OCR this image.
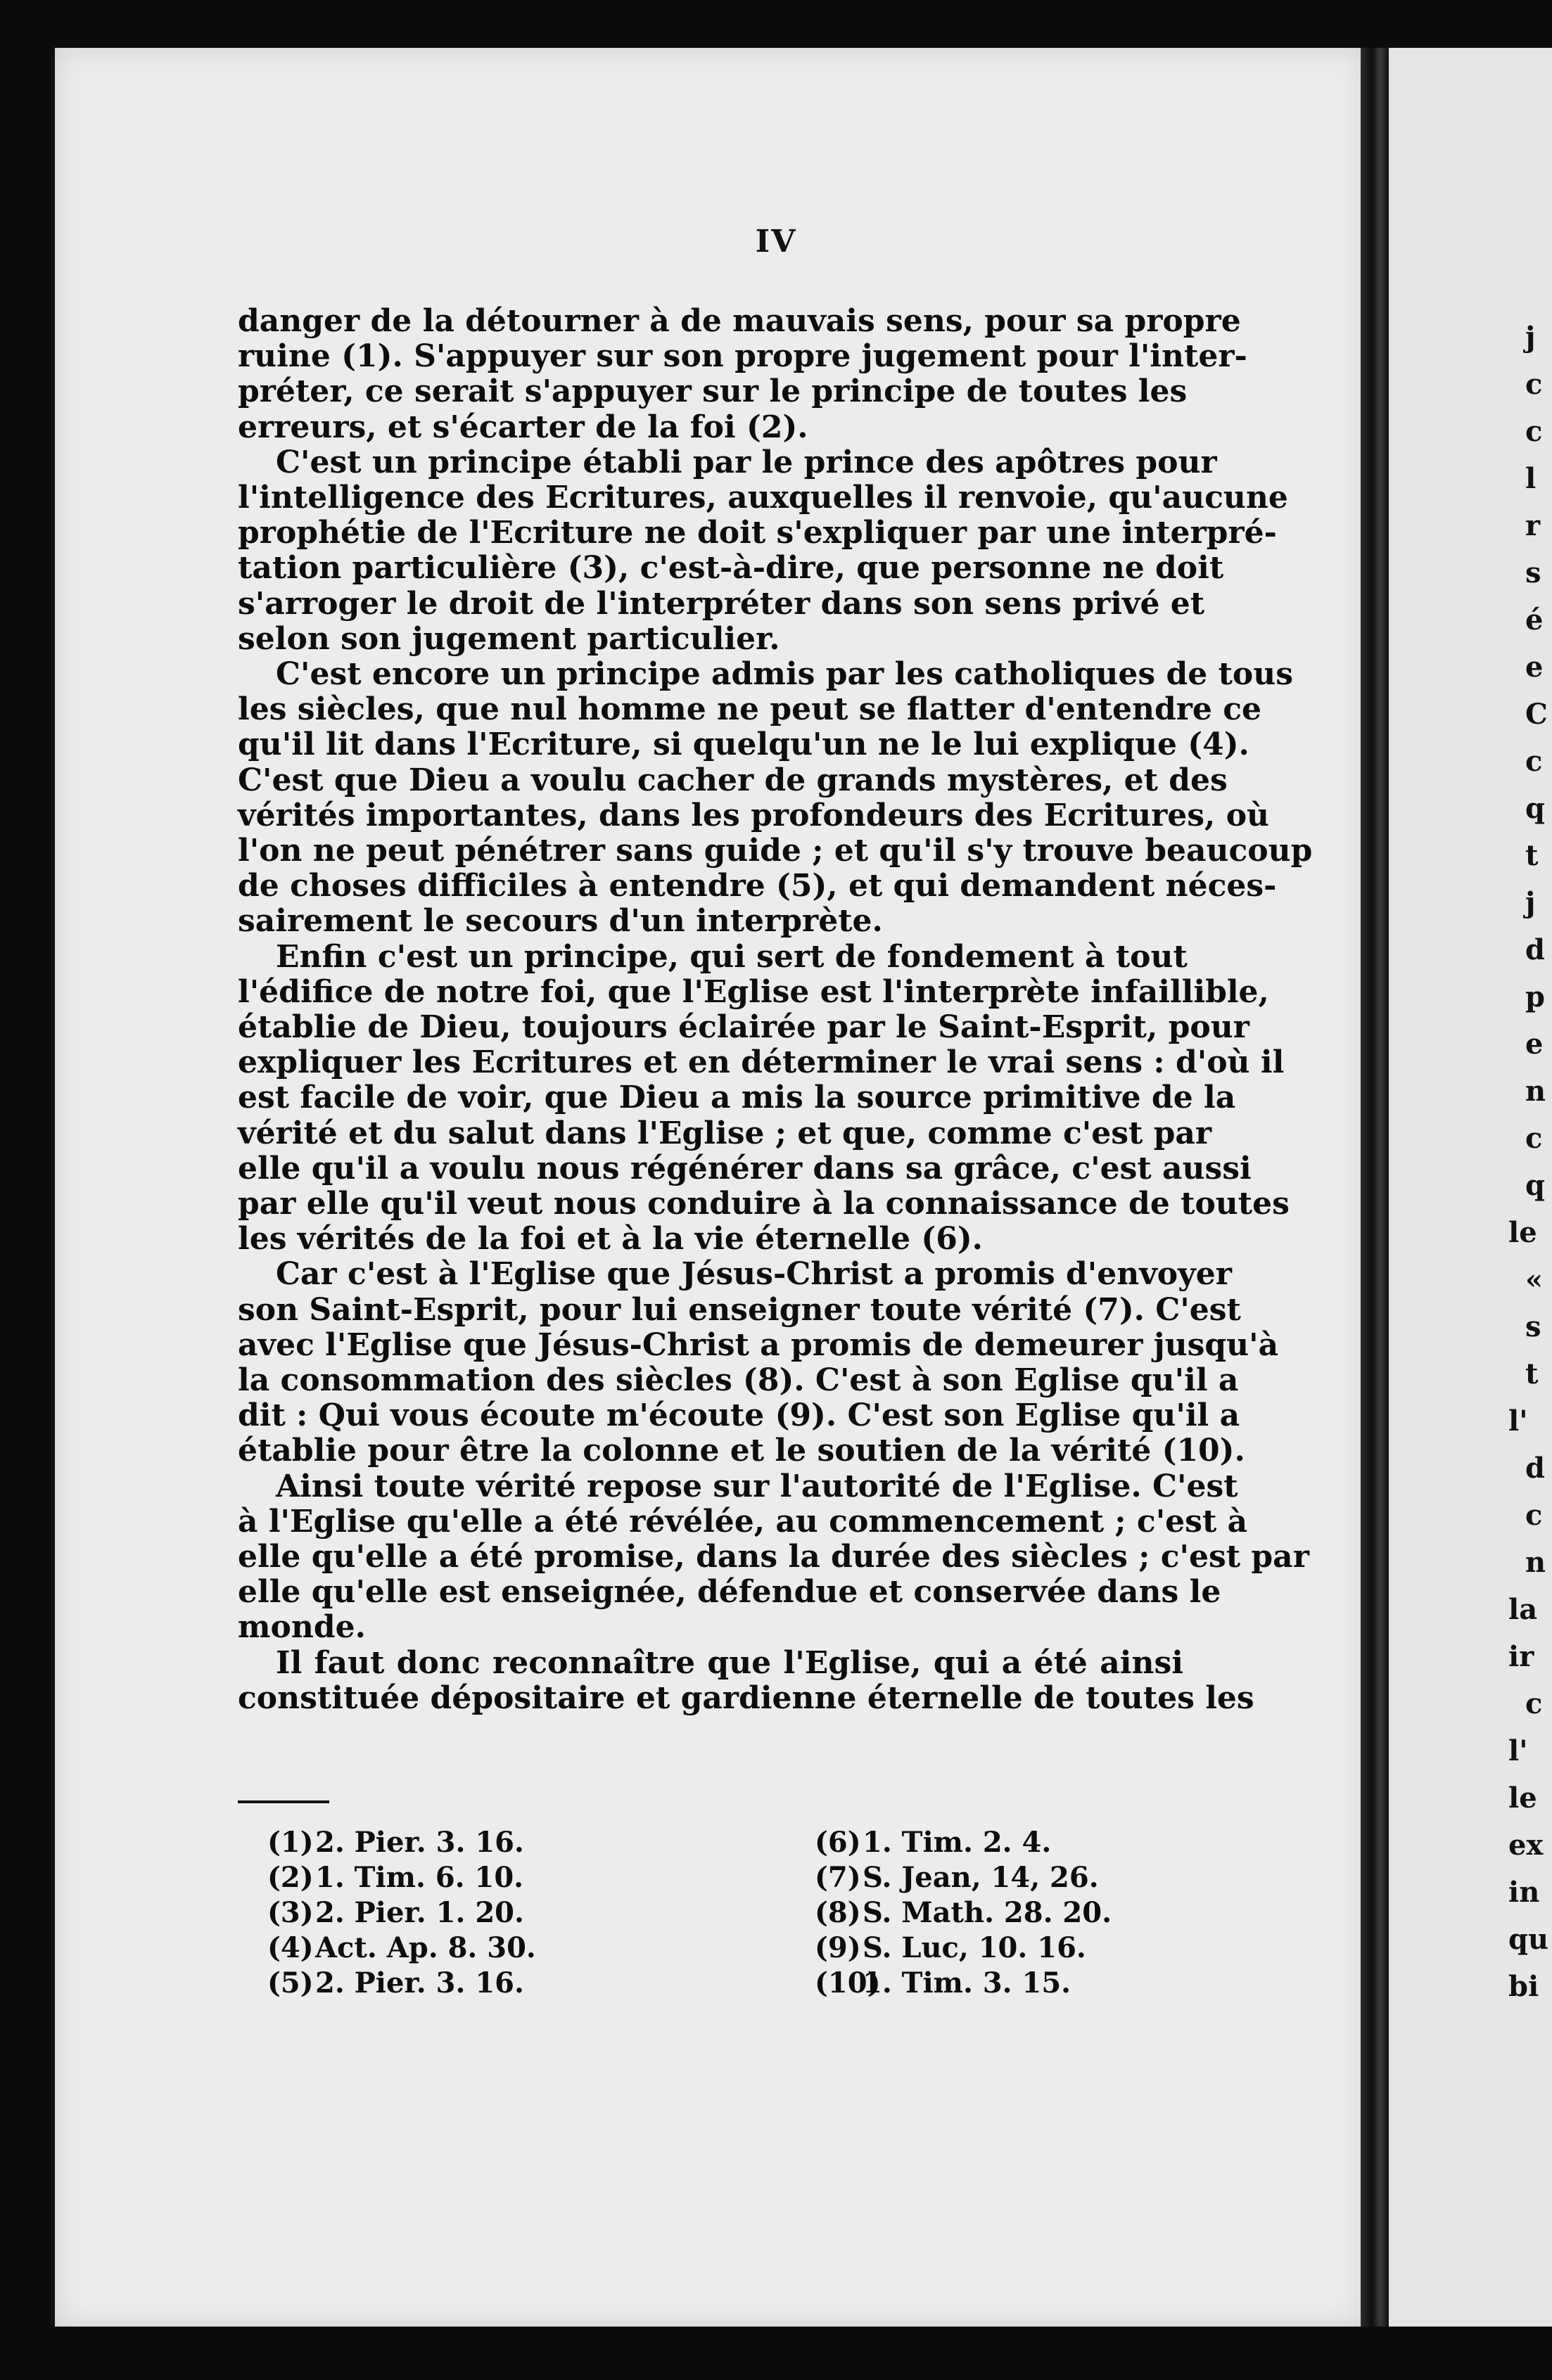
IV
danger de la détourner à de mauvais sens, pour sa propre
ruine (1). S'appuyer sur son propre jugement pour l'inter-
préter, ce serait s'appuyer sur le principe de toutes les
erreurs, et s'écarter de la foi (2).
C'est un principe établi par le prince des apôtres pour
l'intelligence des Ecritures, auxquelles il renvoie, qu'aucune
prophétie de l'Ecriture ne doit s'expliquer par une interpré-
tation particulière (3), c'est-à-dire, que personne ne doit
s'arroger le droit de l'interpréter dans son sens privé et
selon son jugement particulier.
C'est encore un principe admis par les catholiques de tous
les siècles, que nul homme ne peut se flatter d'entendre ce
qu'il lit dans l'Ecriture, si quelqu'un ne le lui explique (4).
C'est que Dieu a voulu cacher de grands mystères, et des
vérités importantes, dans les profondeurs des Ecritures, où
l'on ne peut pénétrer sans guide ; et qu'il s'y trouve beaucoup
de choses difficiles à entendre (5), et qui demandent néces-
sairement le secours d'un interprète.
Enfin c'est un principe, qui sert de fondement à tout
l'édifice de notre foi, que l'Eglise est l'interprète infaillible,
établie de Dieu, toujours éclairée par le Saint-Esprit, pour
expliquer les Ecritures et en déterminer le vrai sens : d'où il
est facile de voir, que Dieu a mis la source primitive de la
vérité et du salut dans l'Eglise ; et que, comme c'est par
elle qu'il a voulu nous régénérer dans sa grâce, c'est aussi
par elle qu'il veut nous conduire à la connaissance de toutes
les vérités de la foi et à la vie éternelle (6).
Car c'est à l'Eglise que Jésus-Christ a promis d'envoyer
son Saint-Esprit, pour lui enseigner toute vérité (7). C'est
avec l'Eglise que Jésus-Christ a promis de demeurer jusqu'à
la consommation des siècles (8). C'est à son Eglise qu'il a
dit : Qui vous écoute m'écoute (9). C'est son Eglise qu'il a
établie pour être la colonne et le soutien de la vérité (10).
Ainsi toute vérité repose sur l'autorité de l'Eglise. C'est
à l'Eglise qu'elle a été révélée, au commencement ; c'est à
elle qu'elle a été promise, dans la durée des siècles ; c'est par
elle qu'elle est enseignée, défendue et conservée dans le
monde.
Il faut donc reconnaître que l'Eglise, qui a été ainsi
constituée dépositaire et gardienne éternelle de toutes les
(1)2. Pier. 3. 16.
(2)1. Tim. 6. 10.
(3)2. Pier. 1. 20.
(4)Act. Ap. 8. 30.
(5)2. Pier. 3. 16.
(6)1. Tim. 2. 4.
(7)S. Jean, 14, 26.
(8)S. Math. 28. 20.
(9)S. Luc, 10. 16.
(10)1. Tim. 3. 15.
j
c
c
l
r
s
é
e
C
c
q
t
j
d
p
e
n
c
q
le
«
s
t
l'
d
c
n
la
ir
c
l'
le
ex
in
qu
bi
